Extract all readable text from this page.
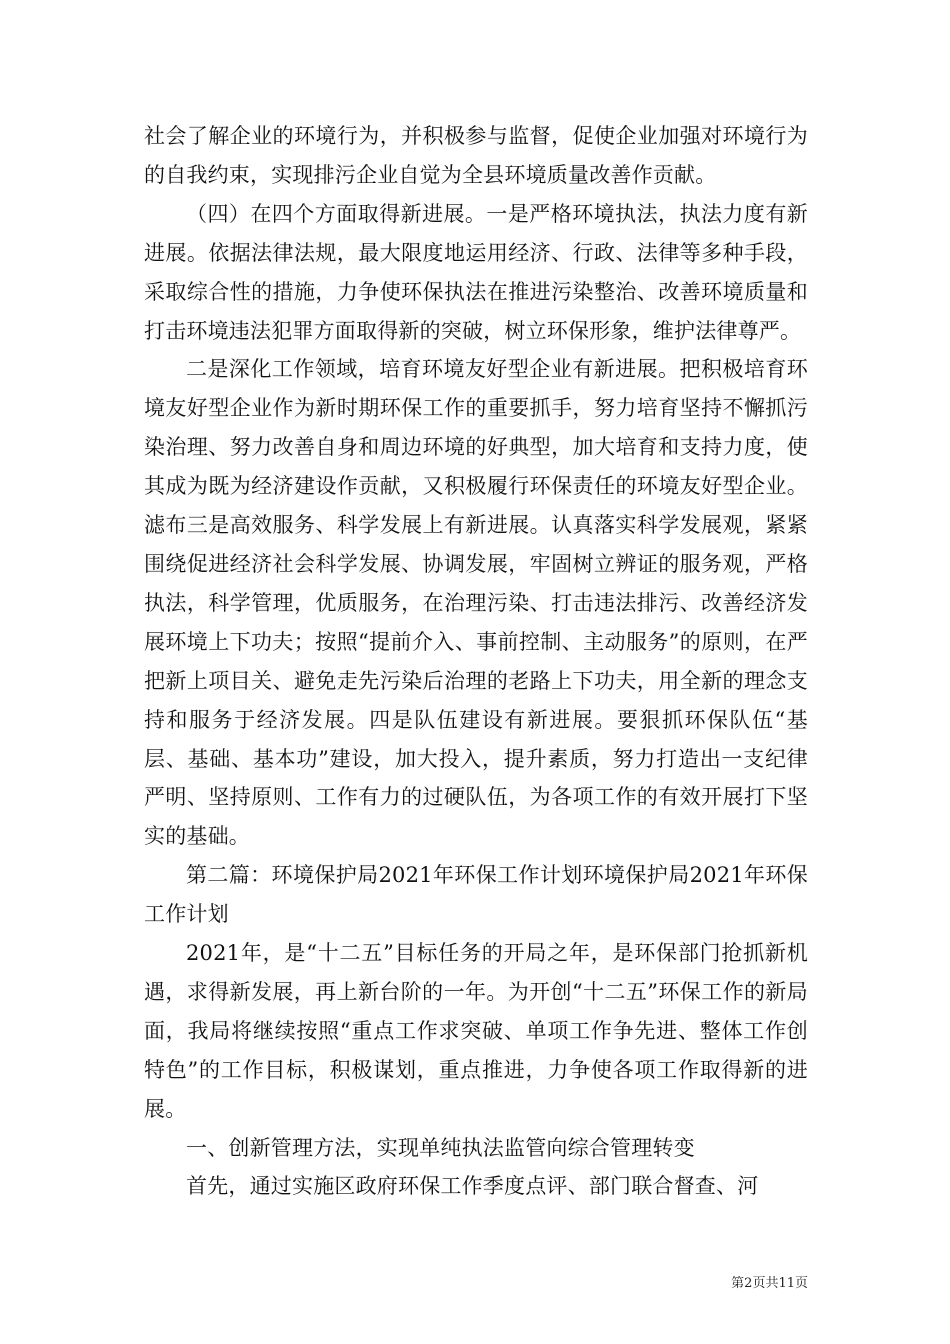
社会了解企业的环境行为，并积极参与监督，促使企业加强对环境行为的自我约束，实现排污企业自觉为全县环境质量改善作贡献。

（四）在四个方面取得新进展。一是严格环境执法，执法力度有新进展。依据法律法规，最大限度地运用经济、行政、法律等多种手段，采取综合性的措施，力争使环保执法在推进污染整治、改善环境质量和打击环境违法犯罪方面取得新的突破，树立环保形象，维护法律尊严。

二是深化工作领域，培育环境友好型企业有新进展。把积极培育环境友好型企业作为新时期环保工作的重要抓手，努力培育坚持不懈抓污染治理、努力改善自身和周边环境的好典型，加大培育和支持力度，使其成为既为经济建设作贡献，又积极履行环保责任的环境友好型企业。滤布三是高效服务、科学发展上有新进展。认真落实科学发展观，紧紧围绕促进经济社会科学发展、协调发展，牢固树立辨证的服务观，严格执法，科学管理，优质服务，在治理污染、打击违法排污、改善经济发展环境上下功夫；按照“提前介入、事前控制、主动服务”的原则，在严把新上项目关、避免走先污染后治理的老路上下功夫，用全新的理念支持和服务于经济发展。四是队伍建设有新进展。要狠抓环保队伍“基层、基础、基本功”建设，加大投入，提升素质，努力打造出一支纪律严明、坚持原则、工作有力的过硬队伍，为各项工作的有效开展打下坚实的基础。

第二篇：环境保护局2021年环保工作计划环境保护局2021年环保工作计划

2021年，是“十二五”目标任务的开局之年，是环保部门抢抓新机遇，求得新发展，再上新台阶的一年。为开创“十二五”环保工作的新局面，我局将继续按照“重点工作求突破、单项工作争先进、整体工作创特色”的工作目标，积极谋划，重点推进，力争使各项工作取得新的进展。

一、创新管理方法，实现单纯执法监管向综合管理转变

首先，通过实施区政府环保工作季度点评、部门联合督查、河

第2页共11页
